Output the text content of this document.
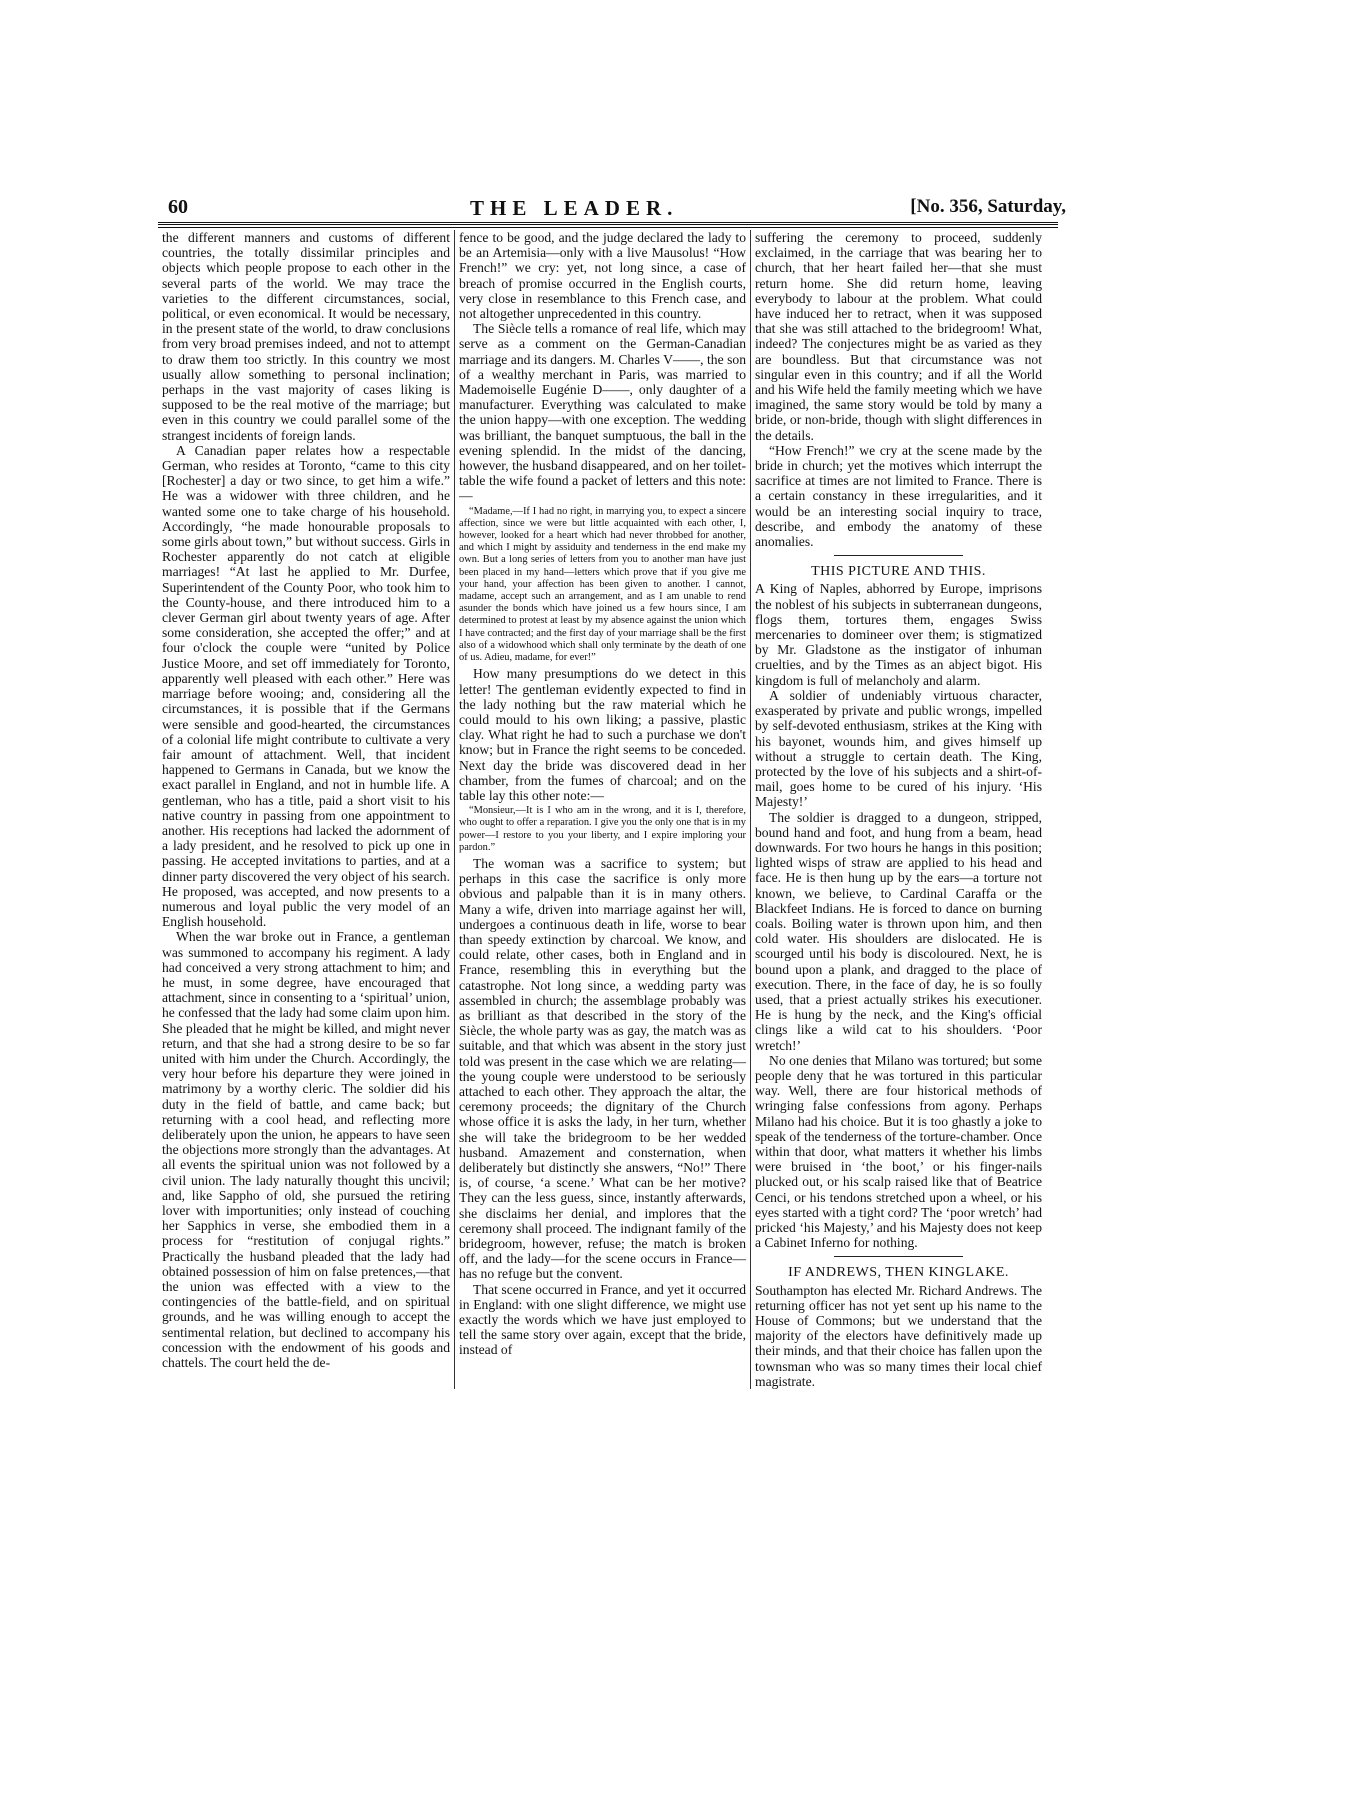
60	THE LEADER.	[No. 356, Saturday,

the different manners and customs of different countries, the totally dissimilar principles and objects which people propose to each other in the several parts of the world. We may trace the varieties to the different circumstances, social, political, or even economical. It would be necessary, in the present state of the world, to draw conclusions from very broad premises indeed, and not to attempt to draw them too strictly. In this country we most usually allow something to personal inclination; perhaps in the vast majority of cases liking is supposed to be the real motive of the marriage; but even in this country we could parallel some of the strangest incidents of foreign lands.

A Canadian paper relates how a respectable German, who resides at Toronto, “came to this city [Rochester] a day or two since, to get him a wife.” He was a widower with three children, and he wanted some one to take charge of his household. Accordingly, “he made honourable proposals to some girls about town,” but without success. Girls in Rochester apparently do not catch at eligible marriages! “At last he applied to Mr. Durfee, Superintendent of the County Poor, who took him to the County-house, and there introduced him to a clever German girl about twenty years of age. After some consideration, she accepted the offer;” and at four o'clock the couple were “united by Police Justice Moore, and set off immediately for Toronto, apparently well pleased with each other.” Here was marriage before wooing; and, considering all the circumstances, it is possible that if the Germans were sensible and good-hearted, the circumstances of a colonial life might contribute to cultivate a very fair amount of attachment. Well, that incident happened to Germans in Canada, but we know the exact parallel in England, and not in humble life. A gentleman, who has a title, paid a short visit to his native country in passing from one appointment to another. His receptions had lacked the adornment of a lady president, and he resolved to pick up one in passing. He accepted invitations to parties, and at a dinner party discovered the very object of his search. He proposed, was accepted, and now presents to a numerous and loyal public the very model of an English household.

When the war broke out in France, a gentleman was summoned to accompany his regiment. A lady had conceived a very strong attachment to him; and he must, in some degree, have encouraged that attachment, since in consenting to a ‘spiritual’ union, he confessed that the lady had some claim upon him. She pleaded that he might be killed, and might never return, and that she had a strong desire to be so far united with him under the Church. Accordingly, the very hour before his departure they were joined in matrimony by a worthy cleric. The soldier did his duty in the field of battle, and came back; but returning with a cool head, and reflecting more deliberately upon the union, he appears to have seen the objections more strongly than the advantages. At all events the spiritual union was not followed by a civil union. The lady naturally thought this uncivil; and, like Sappho of old, she pursued the retiring lover with importunities; only instead of couching her Sapphics in verse, she embodied them in a process for “restitution of conjugal rights.” Practically the husband pleaded that the lady had obtained possession of him on false pretences,—that the union was effected with a view to the contingencies of the battle-field, and on spiritual grounds, and he was willing enough to accept the sentimental relation, but declined to accompany his concession with the endowment of his goods and chattels. The court held the de-

fence to be good, and the judge declared the lady to be an Artemisia—only with a live Mausolus! “How French!” we cry: yet, not long since, a case of breach of promise occurred in the English courts, very close in resemblance to this French case, and not altogether unprecedented in this country.

The Siècle tells a romance of real life, which may serve as a comment on the German-Canadian marriage and its dangers. M. Charles V——, the son of a wealthy merchant in Paris, was married to Mademoiselle Eugénie D——, only daughter of a manufacturer. Everything was calculated to make the union happy—with one exception. The wedding was brilliant, the banquet sumptuous, the ball in the evening splendid. In the midst of the dancing, however, the husband disappeared, and on her toilet-table the wife found a packet of letters and this note:—

“Madame,—If I had no right, in marrying you, to expect a sincere affection, since we were but little acquainted with each other, I, however, looked for a heart which had never throbbed for another, and which I might by assiduity and tenderness in the end make my own. But a long series of letters from you to another man have just been placed in my hand—letters which prove that if you give me your hand, your affection has been given to another. I cannot, madame, accept such an arrangement, and as I am unable to rend asunder the bonds which have joined us a few hours since, I am determined to protest at least by my absence against the union which I have contracted; and the first day of your marriage shall be the first also of a widowhood which shall only terminate by the death of one of us. Adieu, madame, for ever!”

How many presumptions do we detect in this letter! The gentleman evidently expected to find in the lady nothing but the raw material which he could mould to his own liking; a passive, plastic clay. What right he had to such a purchase we don't know; but in France the right seems to be conceded. Next day the bride was discovered dead in her chamber, from the fumes of charcoal; and on the table lay this other note:—

“Monsieur,—It is I who am in the wrong, and it is I, therefore, who ought to offer a reparation. I give you the only one that is in my power—I restore to you your liberty, and I expire imploring your pardon.”

The woman was a sacrifice to system; but perhaps in this case the sacrifice is only more obvious and palpable than it is in many others. Many a wife, driven into marriage against her will, undergoes a continuous death in life, worse to bear than speedy extinction by charcoal. We know, and could relate, other cases, both in England and in France, resembling this in everything but the catastrophe. Not long since, a wedding party was assembled in church; the assemblage probably was as brilliant as that described in the story of the Siècle, the whole party was as gay, the match was as suitable, and that which was absent in the story just told was present in the case which we are relating—the young couple were understood to be seriously attached to each other. They approach the altar, the ceremony proceeds; the dignitary of the Church whose office it is asks the lady, in her turn, whether she will take the bridegroom to be her wedded husband. Amazement and consternation, when deliberately but distinctly she answers, “No!” There is, of course, ‘a scene.’ What can be her motive? They can the less guess, since, instantly afterwards, she disclaims her denial, and implores that the ceremony shall proceed. The indignant family of the bridegroom, however, refuse; the match is broken off, and the lady—for the scene occurs in France—has no refuge but the convent.

That scene occurred in France, and yet it occurred in England: with one slight difference, we might use exactly the words which we have just employed to tell the same story over again, except that the bride, instead of

suffering the ceremony to proceed, suddenly exclaimed, in the carriage that was bearing her to church, that her heart failed her—that she must return home. She did return home, leaving everybody to labour at the problem. What could have induced her to retract, when it was supposed that she was still attached to the bridegroom! What, indeed? The conjectures might be as varied as they are boundless. But that circumstance was not singular even in this country; and if all the World and his Wife held the family meeting which we have imagined, the same story would be told by many a bride, or non-bride, though with slight differences in the details.

“How French!” we cry at the scene made by the bride in church; yet the motives which interrupt the sacrifice at times are not limited to France. There is a certain constancy in these irregularities, and it would be an interesting social inquiry to trace, describe, and embody the anatomy of these anomalies.

THIS PICTURE AND THIS.

A King of Naples, abhorred by Europe, imprisons the noblest of his subjects in subterranean dungeons, flogs them, tortures them, engages Swiss mercenaries to domineer over them; is stigmatized by Mr. Gladstone as the instigator of inhuman cruelties, and by the Times as an abject bigot. His kingdom is full of melancholy and alarm.

A soldier of undeniably virtuous character, exasperated by private and public wrongs, impelled by self-devoted enthusiasm, strikes at the King with his bayonet, wounds him, and gives himself up without a struggle to certain death. The King, protected by the love of his subjects and a shirt-of-mail, goes home to be cured of his injury. ‘His Majesty!’

The soldier is dragged to a dungeon, stripped, bound hand and foot, and hung from a beam, head downwards. For two hours he hangs in this position; lighted wisps of straw are applied to his head and face. He is then hung up by the ears—a torture not known, we believe, to Cardinal Caraffa or the Blackfeet Indians. He is forced to dance on burning coals. Boiling water is thrown upon him, and then cold water. His shoulders are dislocated. He is scourged until his body is discoloured. Next, he is bound upon a plank, and dragged to the place of execution. There, in the face of day, he is so foully used, that a priest actually strikes his executioner. He is hung by the neck, and the King's official clings like a wild cat to his shoulders. ‘Poor wretch!’

No one denies that Milano was tortured; but some people deny that he was tortured in this particular way. Well, there are four historical methods of wringing false confessions from agony. Perhaps Milano had his choice. But it is too ghastly a joke to speak of the tenderness of the torture-chamber. Once within that door, what matters it whether his limbs were bruised in ‘the boot,’ or his finger-nails plucked out, or his scalp raised like that of Beatrice Cenci, or his tendons stretched upon a wheel, or his eyes started with a tight cord? The ‘poor wretch’ had pricked ‘his Majesty,’ and his Majesty does not keep a Cabinet Inferno for nothing.

IF ANDREWS, THEN KINGLAKE.

Southampton has elected Mr. Richard Andrews. The returning officer has not yet sent up his name to the House of Commons; but we understand that the majority of the electors have definitively made up their minds, and that their choice has fallen upon the townsman who was so many times their local chief magistrate.
